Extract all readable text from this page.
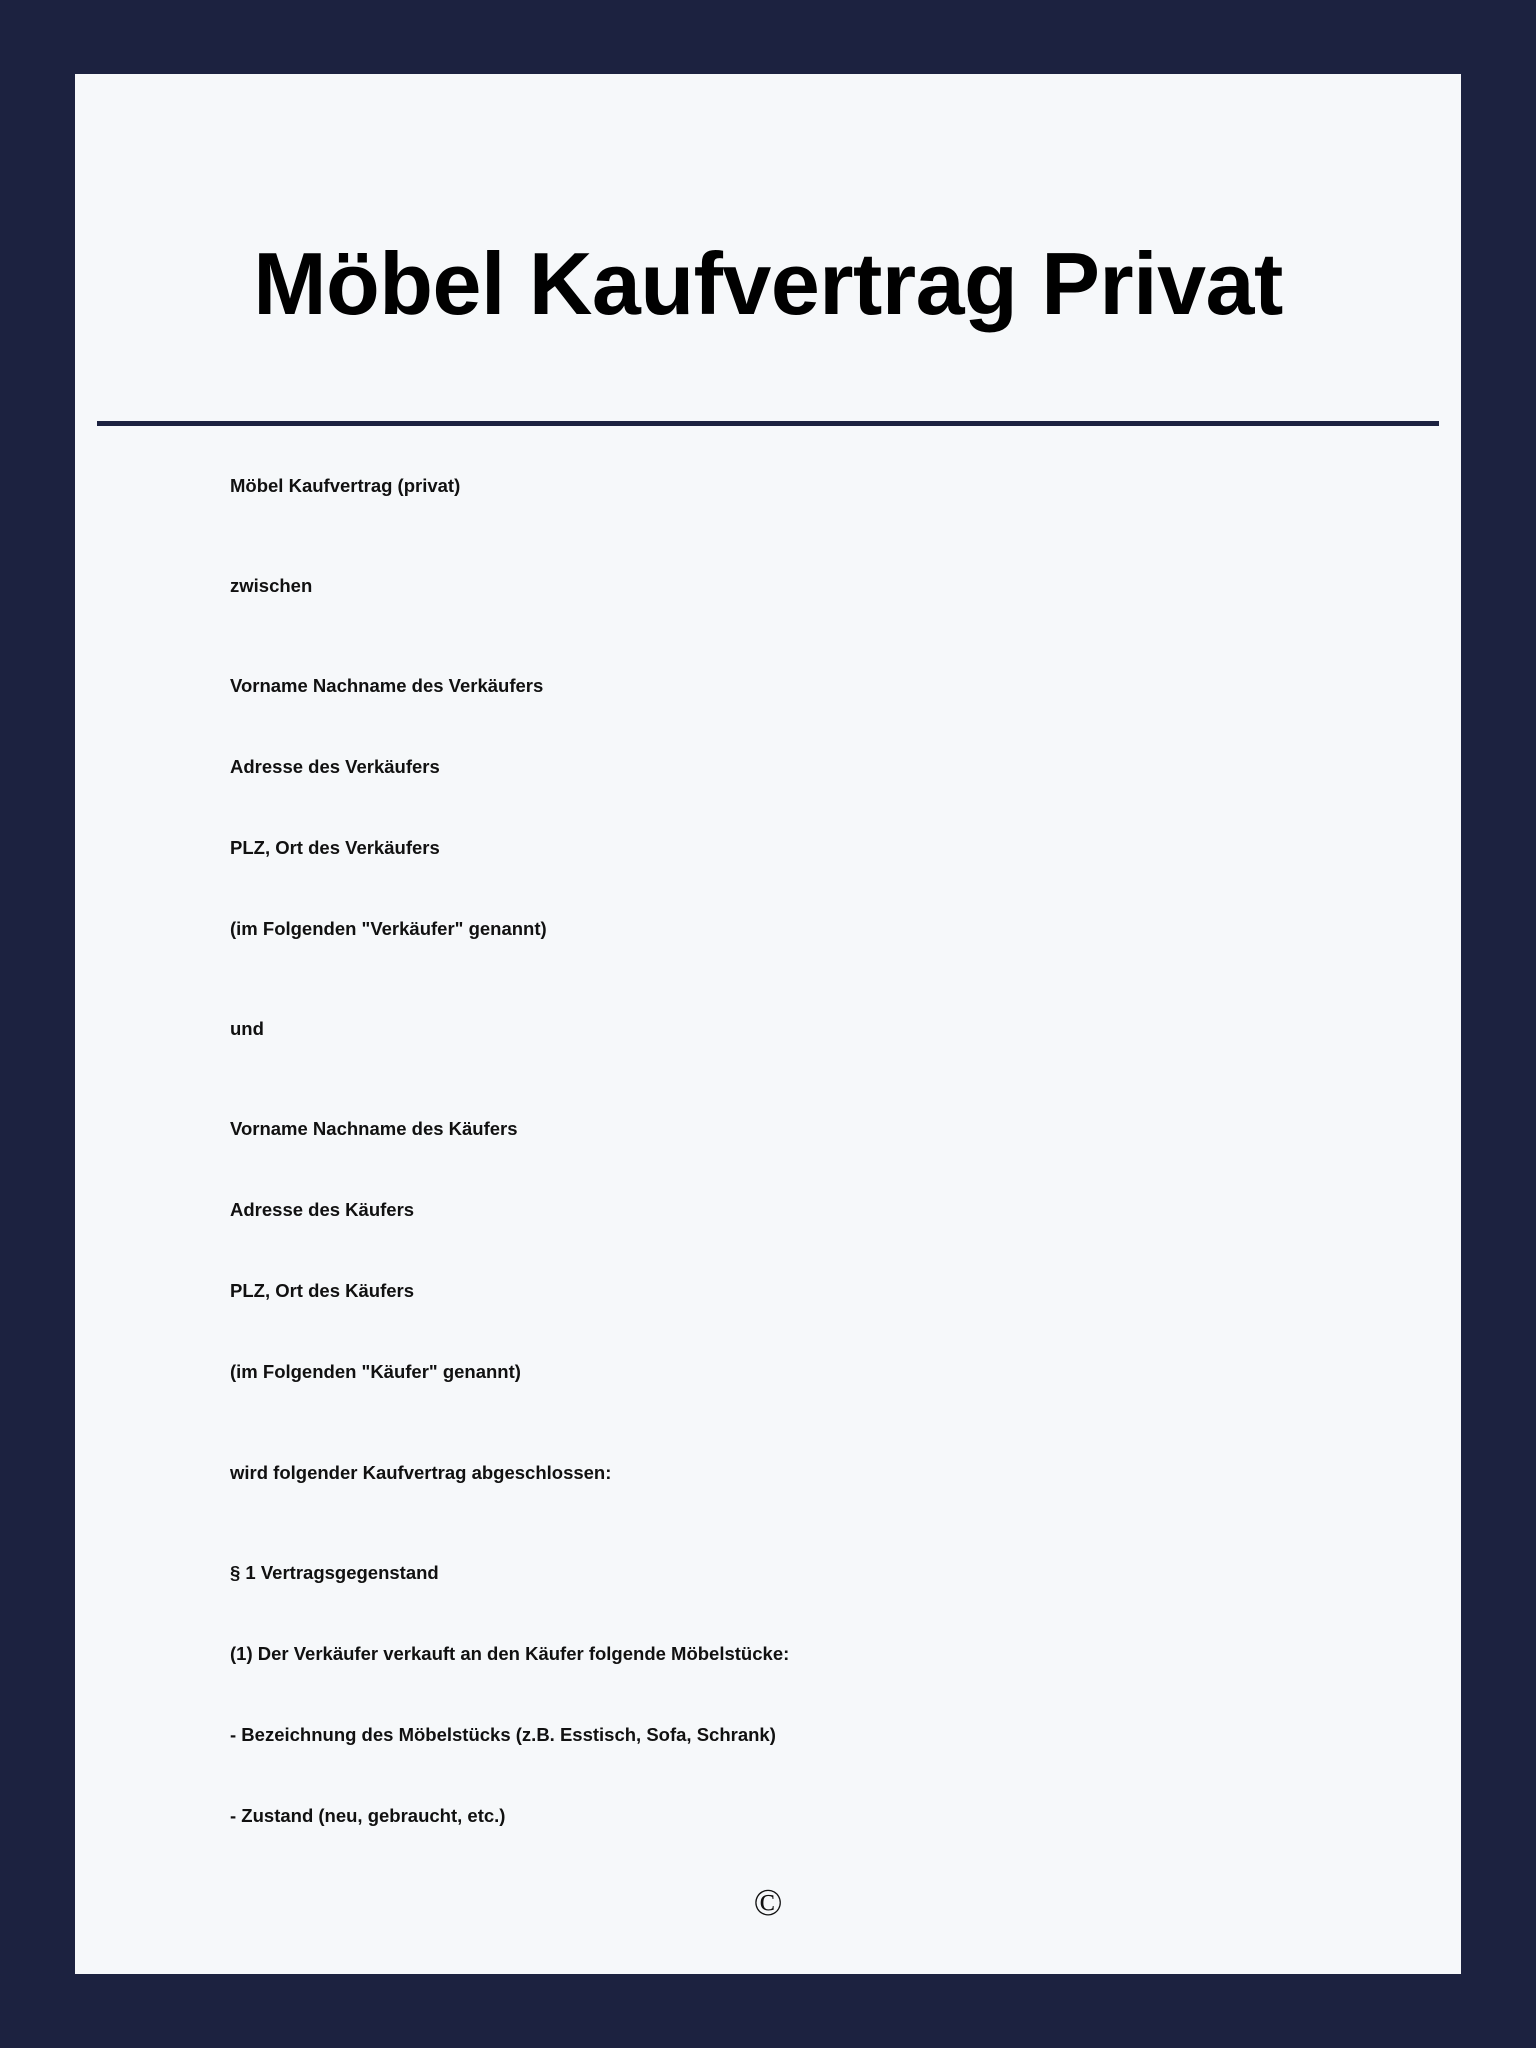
Möbel Kaufvertrag Privat

Möbel Kaufvertrag (privat)

zwischen

Vorname Nachname des Verkäufers

Adresse des Verkäufers

PLZ, Ort des Verkäufers

(im Folgenden "Verkäufer" genannt)

und

Vorname Nachname des Käufers

Adresse des Käufers

PLZ, Ort des Käufers

(im Folgenden "Käufer" genannt)

wird folgender Kaufvertrag abgeschlossen:

§ 1 Vertragsgegenstand

(1) Der Verkäufer verkauft an den Käufer folgende Möbelstücke:

- Bezeichnung des Möbelstücks (z.B. Esstisch, Sofa, Schrank)

- Zustand (neu, gebraucht, etc.)

©
